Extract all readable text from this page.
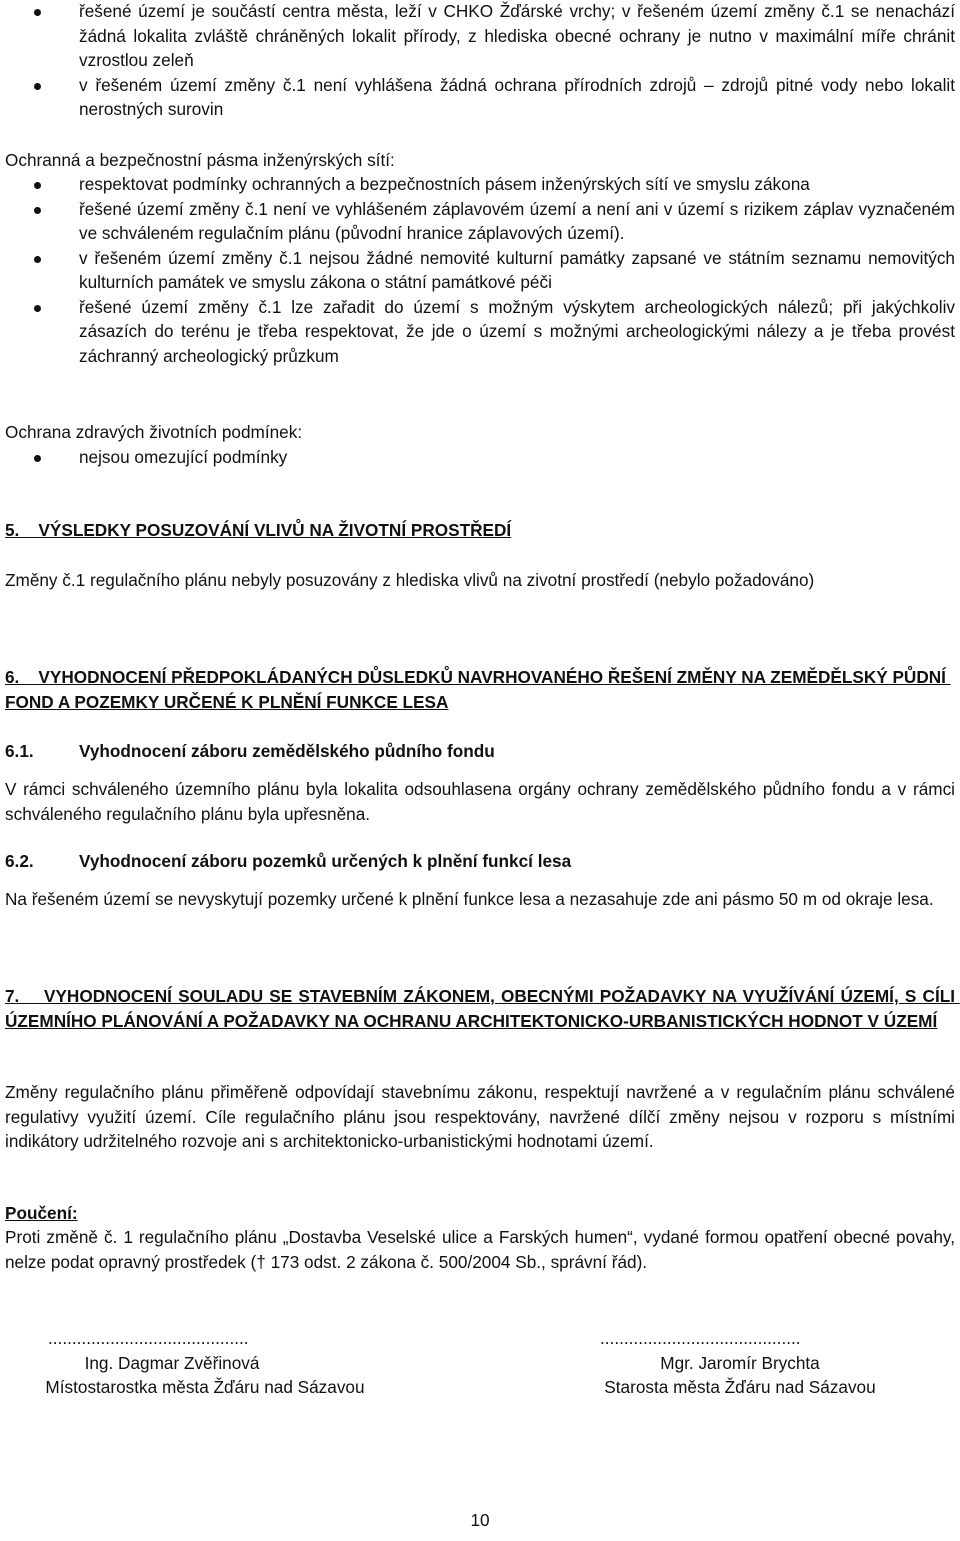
řešené území je součástí centra města, leží v CHKO Žďárské vrchy; v řešeném území změny č.1 se nenachází žádná lokalita zvláště chráněných lokalit přírody, z hlediska obecné ochrany je nutno v maximální míře chránit vzrostlou zeleň
v řešeném území změny č.1 není vyhlášena žádná ochrana přírodních zdrojů – zdrojů pitné vody nebo lokalit nerostných surovin

Ochranná a bezpečnostní pásma inženýrských sítí:

respektovat podmínky ochranných a bezpečnostních pásem inženýrských sítí ve smyslu zákona
řešené území změny č.1 není ve vyhlášeném záplavovém území a není ani v území s rizikem záplav vyznačeném ve schváleném regulačním plánu (původní hranice záplavových území).
v řešeném území změny č.1 nejsou žádné nemovité kulturní památky zapsané ve státním seznamu nemovitých kulturních památek ve smyslu zákona o státní památkové péči
řešené území změny č.1 lze zařadit do území s možným výskytem archeologických nálezů; při jakýchkoliv zásazích do terénu je třeba respektovat, že jde o území s možnými archeologickými nálezy a je třeba provést záchranný archeologický průzkum

Ochrana zdravých životních podmínek:

nejsou omezující podmínky

5.    VÝSLEDKY POSUZOVÁNÍ VLIVŮ NA ŽIVOTNÍ PROSTŘEDÍ

Změny č.1 regulačního plánu nebyly posuzovány z hlediska vlivů na zivotní prostředí (nebylo požadováno)

6.    VYHODNOCENÍ PŘEDPOKLÁDANÝCH DŮSLEDKŮ NAVRHOVANÉHO ŘEŠENÍ ZMĚNY NA ZEMĚDĚLSKÝ PŮDNÍ FOND A POZEMKY URČENÉ K PLNĚNÍ FUNKCE LESA

6.1.	Vyhodnocení záboru zemědělského půdního fondu

V rámci schváleného územního plánu byla lokalita odsouhlasena orgány ochrany zemědělského půdního fondu a v rámci schváleného regulačního plánu byla upřesněna.

6.2.	Vyhodnocení záboru pozemků určených k plnění funkcí lesa

Na řešeném území se nevyskytují pozemky určené k plnění funkce lesa a nezasahuje zde ani pásmo 50 m od okraje lesa.

7.    VYHODNOCENÍ SOULADU SE STAVEBNÍM ZÁKONEM, OBECNÝMI POŽADAVKY NA VYUŽÍVÁNÍ ÚZEMÍ, S CÍLI ÚZEMNÍHO PLÁNOVÁNÍ A POŽADAVKY NA OCHRANU ARCHITEKTONICKO-URBANISTICKÝCH HODNOT V ÚZEMÍ

Změny regulačního plánu přiměřeně odpovídají stavebnímu zákonu, respektují navržené a v regulačním plánu schválené regulativy využití území. Cíle regulačního plánu jsou respektovány, navržené dílčí změny nejsou v rozporu s místními indikátory udržitelného rozvoje ani s architektonicko-urbanistickými hodnotami území.

Poučení:

Proti změně č. 1 regulačního plánu „Dostavba Veselské ulice a Farských humen“, vydané formou opatření obecné povahy, nelze podat opravný prostředek († 173 odst. 2 zákona č. 500/2004 Sb., správní řád).

..........................................
Ing. Dagmar Zvěřinová
Místostarostka města Žďáru nad Sázavou
..........................................
Mgr. Jaromír Brychta
Starosta města Žďáru nad Sázavou
10
